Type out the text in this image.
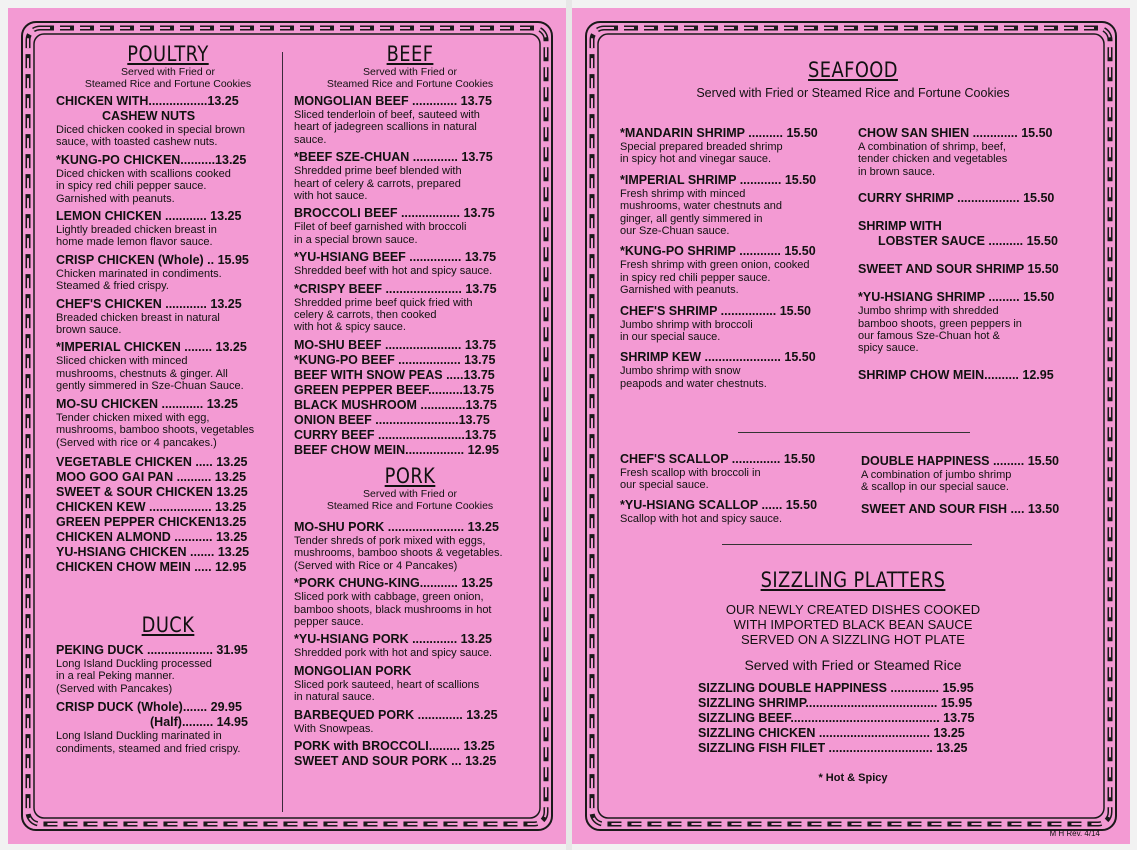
POULTRY
Served with Fried or
Steamed Rice and Fortune Cookies
CHICKEN WITH.................13.25
CASHEW NUTS
Diced chicken cooked in special brown
sauce, with toasted cashew nuts.
*KUNG-PO CHICKEN..........13.25
Diced chicken with scallions cooked
in spicy red chili pepper sauce.
Garnished with peanuts.
LEMON CHICKEN ............ 13.25
Lightly breaded chicken breast in
home made lemon flavor sauce.
CRISP CHICKEN (Whole) .. 15.95
Chicken marinated in condiments.
Steamed & fried crispy.
CHEF'S CHICKEN ............ 13.25
Breaded chicken breast in natural
brown sauce.
*IMPERIAL CHICKEN ........ 13.25
Sliced chicken with minced
mushrooms, chestnuts & ginger. All
gently simmered in Sze-Chuan Sauce.
MO-SU CHICKEN ............ 13.25
Tender chicken mixed with egg,
mushrooms, bamboo shoots, vegetables
(Served with rice or 4 pancakes.)
VEGETABLE CHICKEN ..... 13.25
MOO GOO GAI PAN .......... 13.25
SWEET & SOUR CHICKEN 13.25
CHICKEN KEW .................. 13.25
GREEN PEPPER CHICKEN13.25
CHICKEN ALMOND ........... 13.25
YU-HSIANG CHICKEN ....... 13.25
CHICKEN CHOW MEIN ..... 12.95
DUCK
PEKING DUCK ................... 31.95
Long Island Duckling processed
in a real Peking manner.
(Served with Pancakes)
CRISP DUCK (Whole)....... 29.95
(Half)......... 14.95
Long Island Duckling marinated in
condiments, steamed and fried crispy.
BEEF
Served with Fried or
Steamed Rice and Fortune Cookies
MONGOLIAN BEEF ............. 13.75
Sliced tenderloin of beef, sauteed with
heart of jadegreen scallions in natural
sauce.
*BEEF SZE-CHUAN ............. 13.75
Shredded prime beef blended with
heart of celery & carrots, prepared
with hot sauce.
BROCCOLI BEEF ................. 13.75
Filet of beef garnished with broccoli
in a special brown sauce.
*YU-HSIANG BEEF ............... 13.75
Shredded beef with hot and spicy sauce.
*CRISPY BEEF ...................... 13.75
Shredded prime beef quick fried with
celery & carrots, then cooked
with hot & spicy sauce.
MO-SHU BEEF ...................... 13.75
*KUNG-PO BEEF .................. 13.75
BEEF WITH SNOW PEAS .....13.75
GREEN PEPPER BEEF..........13.75
BLACK MUSHROOM .............13.75
ONION BEEF ........................13.75
CURRY BEEF .........................13.75
BEEF CHOW MEIN................. 12.95
PORK
Served with Fried or
Steamed Rice and Fortune Cookies
MO-SHU PORK ...................... 13.25
Tender shreds of pork mixed with eggs,
mushrooms, bamboo shoots & vegetables.
(Served with Rice or 4 Pancakes)
*PORK CHUNG-KING........... 13.25
Sliced pork with cabbage, green onion,
bamboo shoots, black mushrooms in hot
pepper sauce.
*YU-HSIANG PORK ............. 13.25
Shredded pork with hot and spicy sauce.
MONGOLIAN PORK
Sliced pork sauteed, heart of scallions
in natural sauce.
BARBEQUED PORK ............. 13.25
With Snowpeas.
PORK with BROCCOLI......... 13.25
SWEET AND SOUR PORK ... 13.25
SEAFOOD
Served with Fried or Steamed Rice and Fortune Cookies
*MANDARIN SHRIMP .......... 15.50
Special prepared breaded shrimp
in spicy hot and vinegar sauce.
*IMPERIAL SHRIMP ............ 15.50
Fresh shrimp with minced
mushrooms, water chestnuts and
ginger, all gently simmered in
our Sze-Chuan sauce.
*KUNG-PO SHRIMP ............ 15.50
Fresh shrimp with green onion, cooked
in spicy red chili pepper sauce.
Garnished with peanuts.
CHEF'S SHRIMP ................ 15.50
Jumbo shrimp with broccoli
in our special sauce.
SHRIMP KEW ...................... 15.50
Jumbo shrimp with snow
peapods and water chestnuts.
CHOW SAN SHIEN ............. 15.50
A combination of shrimp, beef,
tender chicken and vegetables
in brown sauce.
CURRY SHRIMP .................. 15.50
SHRIMP WITH
LOBSTER SAUCE .......... 15.50
SWEET AND SOUR SHRIMP 15.50
*YU-HSIANG SHRIMP ......... 15.50
Jumbo shrimp with shredded
bamboo shoots, green peppers in
our famous Sze-Chuan hot &
spicy sauce.
SHRIMP CHOW MEIN.......... 12.95
CHEF'S SCALLOP .............. 15.50
Fresh scallop with broccoli in
our special sauce.
*YU-HSIANG SCALLOP ...... 15.50
Scallop with hot and spicy sauce.
DOUBLE HAPPINESS ......... 15.50
A combination of jumbo shrimp
& scallop in our special sauce.
SWEET AND SOUR FISH .... 13.50
SIZZLING PLATTERS
OUR NEWLY CREATED DISHES COOKED
WITH IMPORTED BLACK BEAN SAUCE
SERVED ON A SIZZLING HOT PLATE
Served with Fried or Steamed Rice
SIZZLING DOUBLE HAPPINESS .............. 15.95
SIZZLING SHRIMP...................................... 15.95
SIZZLING BEEF........................................... 13.75
SIZZLING CHICKEN ................................ 13.25
SIZZLING FISH FILET .............................. 13.25
* Hot & Spicy
M H Rev. 4/14
